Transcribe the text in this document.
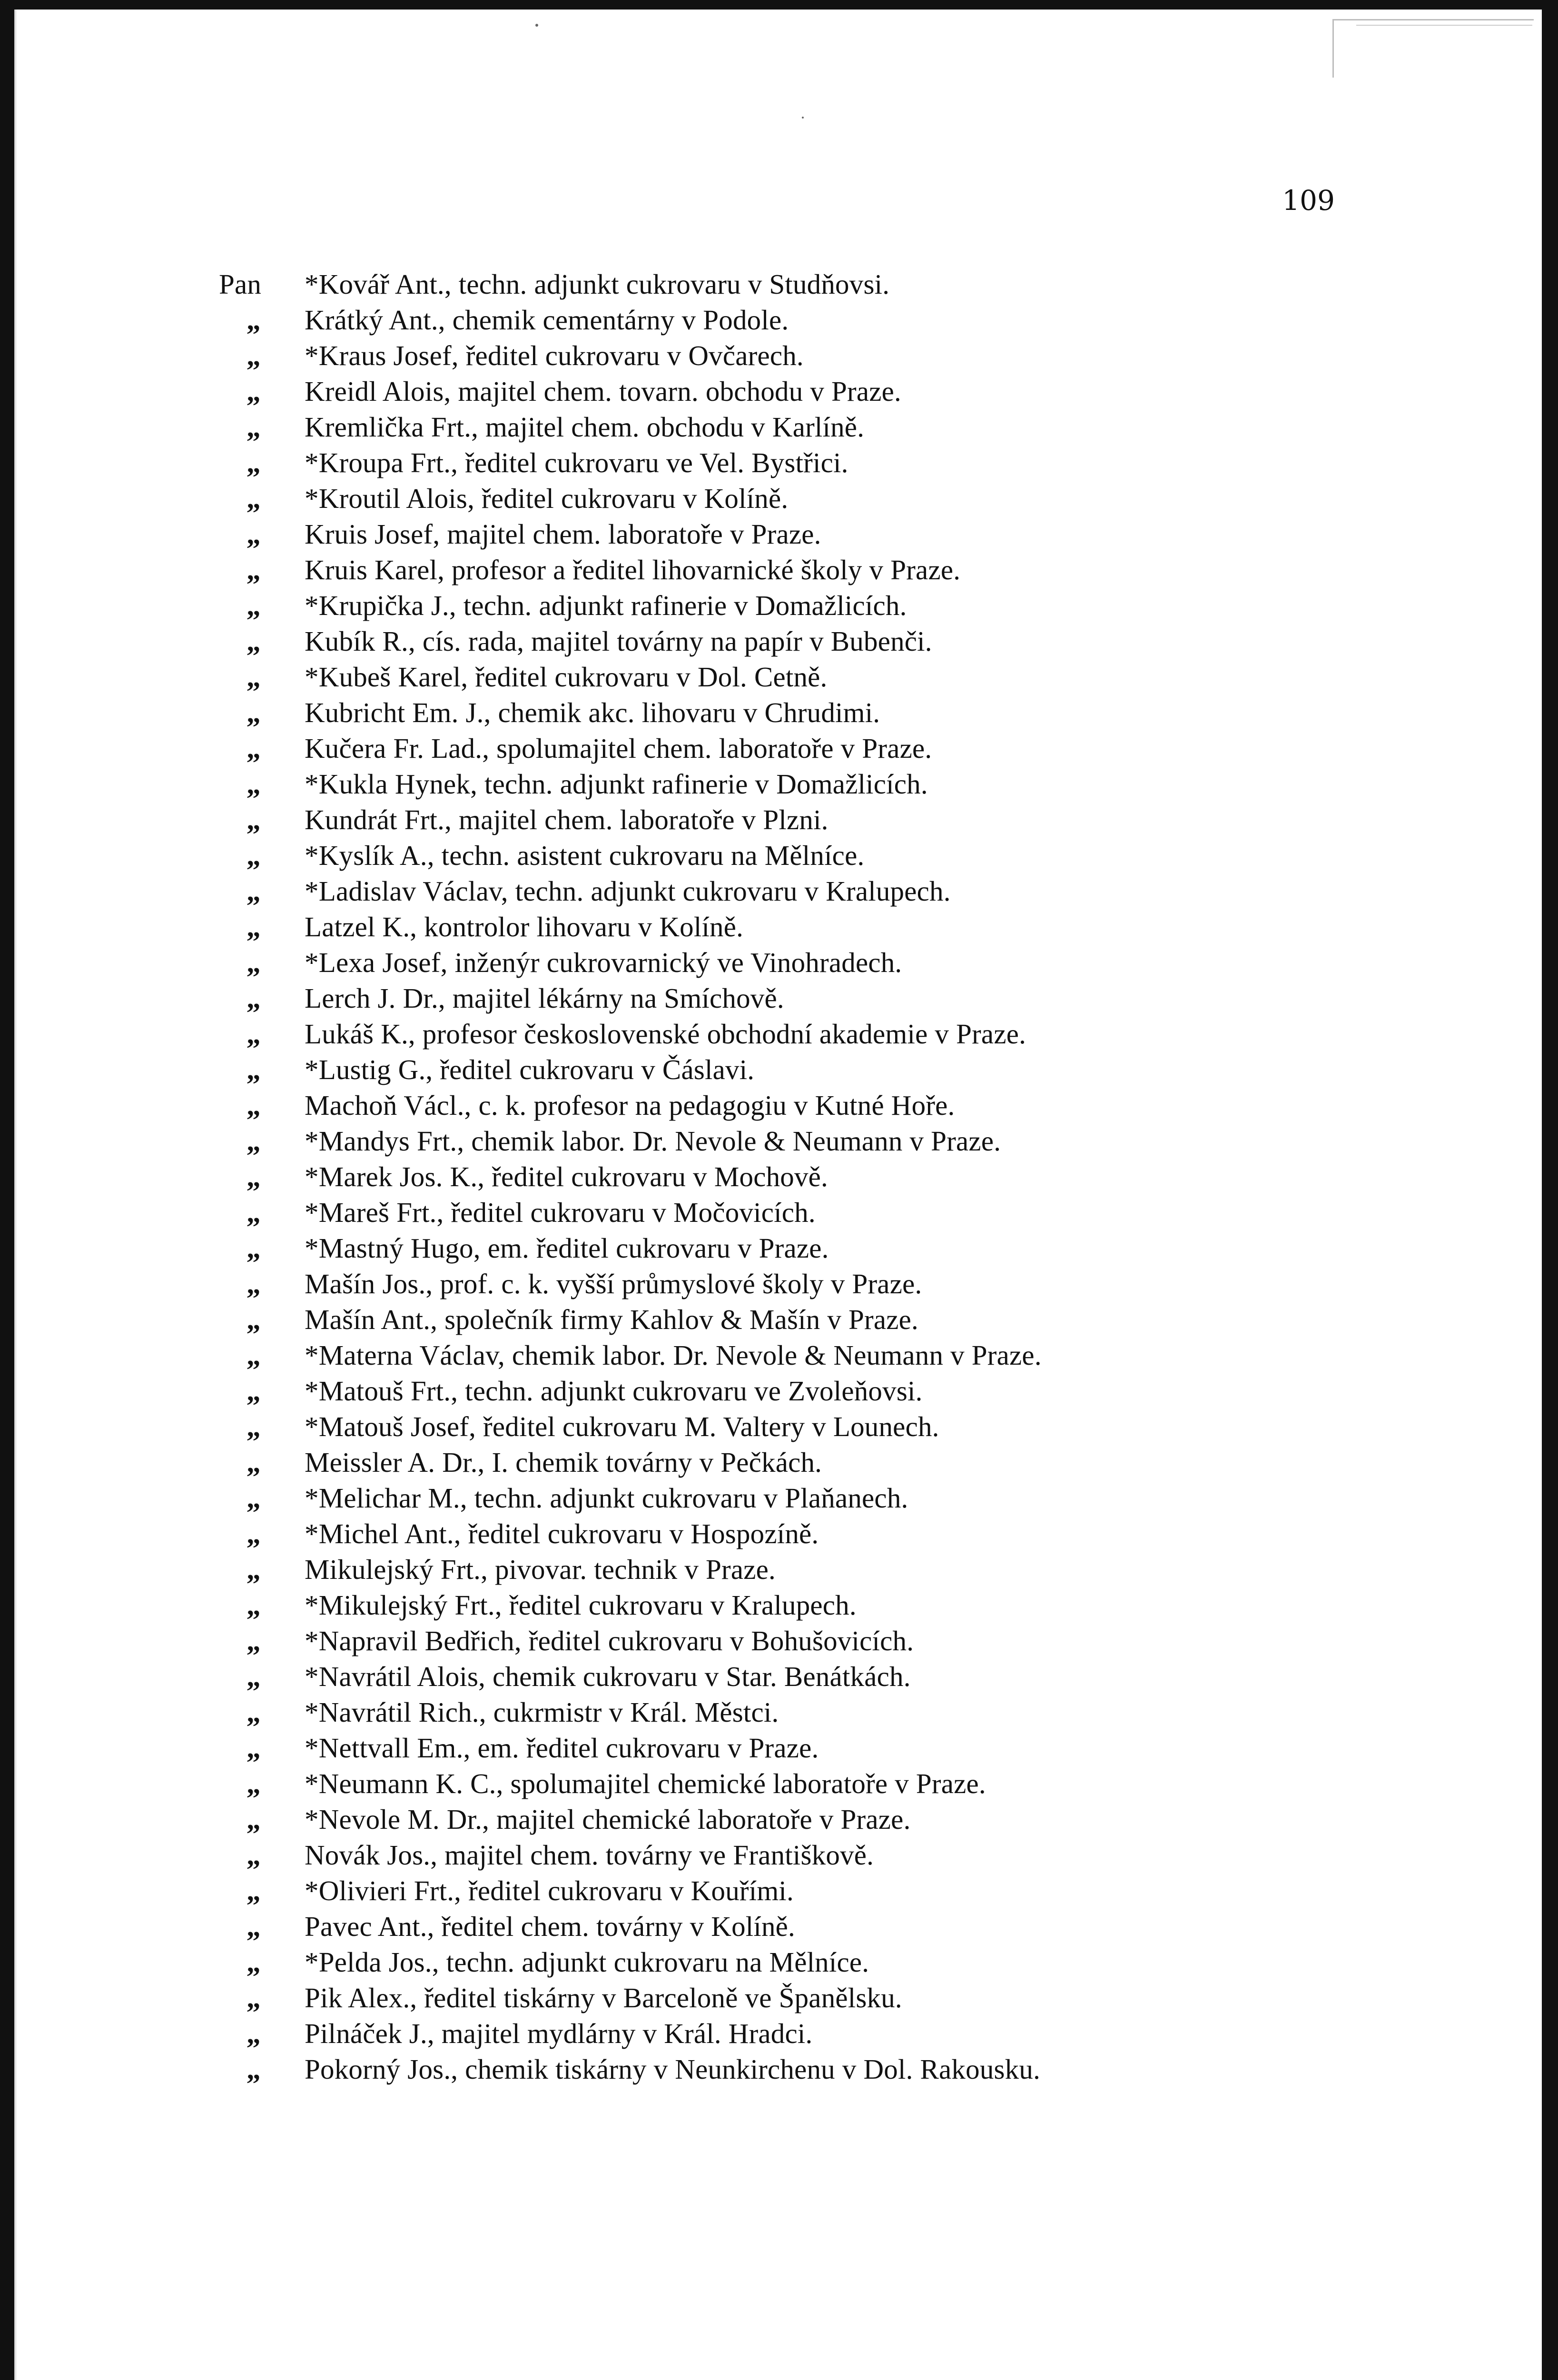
109
Pan	*Kovář Ant., techn. adjunkt cukrovaru v Studňovsi.
„	Krátký Ant., chemik cementárny v Podole.
„	*Kraus Josef, ředitel cukrovaru v Ovčarech.
„	Kreidl Alois, majitel chem. tovarn. obchodu v Praze.
„	Kremlička Frt., majitel chem. obchodu v Karlíně.
„	*Kroupa Frt., ředitel cukrovaru ve Vel. Bystřici.
„	*Kroutil Alois, ředitel cukrovaru v Kolíně.
„	Kruis Josef, majitel chem. laboratoře v Praze.
„	Kruis Karel, profesor a ředitel lihovarnické školy v Praze.
„	*Krupička J., techn. adjunkt rafinerie v Domažlicích.
„	Kubík R., cís. rada, majitel továrny na papír v Bubenči.
„	*Kubeš Karel, ředitel cukrovaru v Dol. Cetně.
„	Kubricht Em. J., chemik akc. lihovaru v Chrudimi.
„	Kučera Fr. Lad., spolumajitel chem. laboratoře v Praze.
„	*Kukla Hynek, techn. adjunkt rafinerie v Domažlicích.
„	Kundrát Frt., majitel chem. laboratoře v Plzni.
„	*Kyslík A., techn. asistent cukrovaru na Mělníce.
„	*Ladislav Václav, techn. adjunkt cukrovaru v Kralupech.
„	Latzel K., kontrolor lihovaru v Kolíně.
„	*Lexa Josef, inženýr cukrovarnický ve Vinohradech.
„	Lerch J. Dr., majitel lékárny na Smíchově.
„	Lukáš K., profesor československé obchodní akademie v Praze.
„	*Lustig G., ředitel cukrovaru v Čáslavi.
„	Machoň Václ., c. k. profesor na pedagogiu v Kutné Hoře.
„	*Mandys Frt., chemik labor. Dr. Nevole & Neumann v Praze.
„	*Marek Jos. K., ředitel cukrovaru v Mochově.
„	*Mareš Frt., ředitel cukrovaru v Močovicích.
„	*Mastný Hugo, em. ředitel cukrovaru v Praze.
„	Mašín Jos., prof. c. k. vyšší průmyslové školy v Praze.
„	Mašín Ant., společník firmy Kahlov & Mašín v Praze.
„	*Materna Václav, chemik labor. Dr. Nevole & Neumann v Praze.
„	*Matouš Frt., techn. adjunkt cukrovaru ve Zvoleňovsi.
„	*Matouš Josef, ředitel cukrovaru M. Valtery v Lounech.
„	Meissler A. Dr., I. chemik továrny v Pečkách.
„	*Melichar M., techn. adjunkt cukrovaru v Plaňanech.
„	*Michel Ant., ředitel cukrovaru v Hospozíně.
„	Mikulejský Frt., pivovar. technik v Praze.
„	*Mikulejský Frt., ředitel cukrovaru v Kralupech.
„	*Napravil Bedřich, ředitel cukrovaru v Bohušovicích.
„	*Navrátil Alois, chemik cukrovaru v Star. Benátkách.
„	*Navrátil Rich., cukrmistr v Král. Městci.
„	*Nettvall Em., em. ředitel cukrovaru v Praze.
„	*Neumann K. C., spolumajitel chemické laboratoře v Praze.
„	*Nevole M. Dr., majitel chemické laboratoře v Praze.
„	Novák Jos., majitel chem. továrny ve Františkově.
„	*Olivieri Frt., ředitel cukrovaru v Kouřími.
„	Pavec Ant., ředitel chem. továrny v Kolíně.
„	*Pelda Jos., techn. adjunkt cukrovaru na Mělníce.
„	Pik Alex., ředitel tiskárny v Barceloně ve Španělsku.
„	Pilnáček J., majitel mydlárny v Král. Hradci.
„	Pokorný Jos., chemik tiskárny v Neunkirchenu v Dol. Rakousku.
